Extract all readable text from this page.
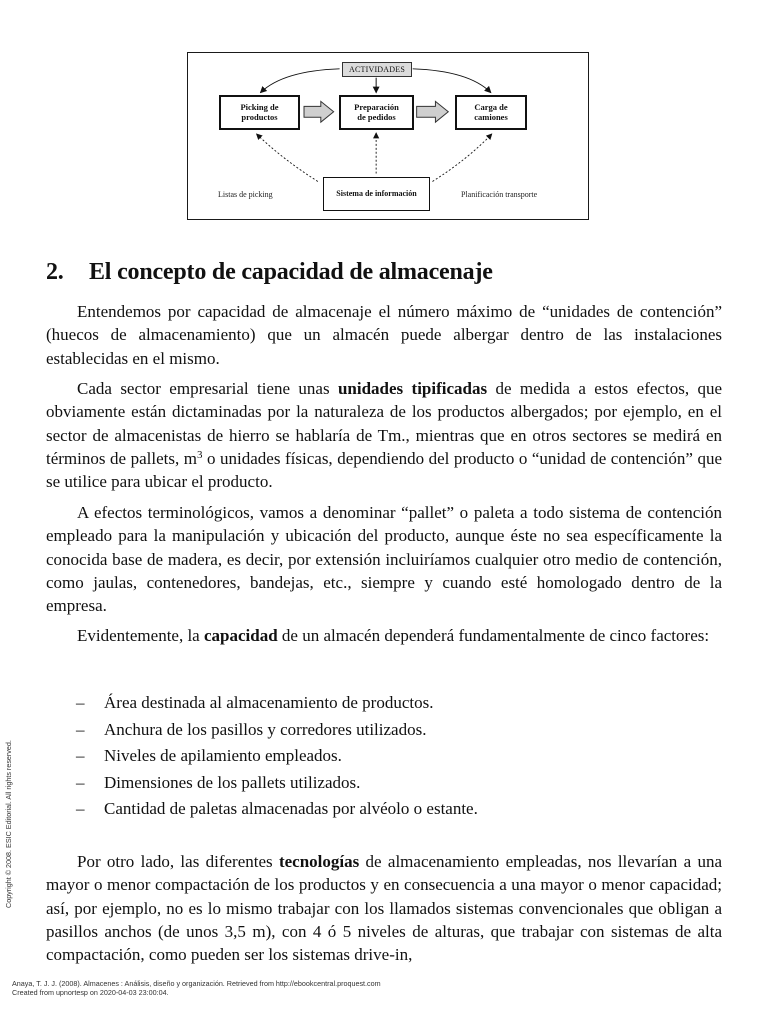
ACTIVIDADES
Picking de
productos
Preparación
de pedidos
Carga de
camiones
Sistema de información
Listas de picking	Planificación transporte
2. El concepto de capacidad de almacenaje

Entendemos por capacidad de almacenaje el número máximo de “unidades de contención” (huecos de almacenamiento) que un almacén puede albergar dentro de las instalaciones establecidas en el mismo.

Cada sector empresarial tiene unas unidades tipificadas de medida a estos efectos, que obviamente están dictaminadas por la naturaleza de los productos albergados; por ejemplo, en el sector de almacenistas de hierro se hablaría de Tm., mientras que en otros sectores se medirá en términos de pallets, $m^3$ o unidades físicas, dependiendo del producto o “unidad de contención” que se utilice para ubicar el producto.

A efectos terminológicos, vamos a denominar “pallet” o paleta a todo sistema de contención empleado para la manipulación y ubicación del producto, aunque éste no sea específicamente la conocida base de madera, es decir, por extensión incluiríamos cualquier otro medio de contención, como jaulas, contenedores, bandejas, etc., siempre y cuando esté homologado dentro de la empresa.

Evidentemente, la capacidad de un almacén dependerá fundamentalmente de cinco factores:

–	Área destinada al almacenamiento de productos.
–	Anchura de los pasillos y corredores utilizados.
–	Niveles de apilamiento empleados.
–	Dimensiones de los pallets utilizados.
–	Cantidad de paletas almacenadas por alvéolo o estante.

Por otro lado, las diferentes tecnologías de almacenamiento empleadas, nos llevarían a una mayor o menor compactación de los productos y en consecuencia a una mayor o menor capacidad; así, por ejemplo, no es lo mismo trabajar con los llamados sistemas convencionales que obligan a pasillos anchos (de unos 3,5 m), con 4 ó 5 niveles de alturas, que trabajar con sistemas de alta compactación, como pueden ser los sistemas drive-in,

Copyright © 2008. ESIC Editorial. All rights reserved.
Anaya, T. J. J. (2008). Almacenes : Análisis, diseño y organización. Retrieved from http://ebookcentral.proquest.com
Created from upnortesp on 2020-04-03 23:00:04.
